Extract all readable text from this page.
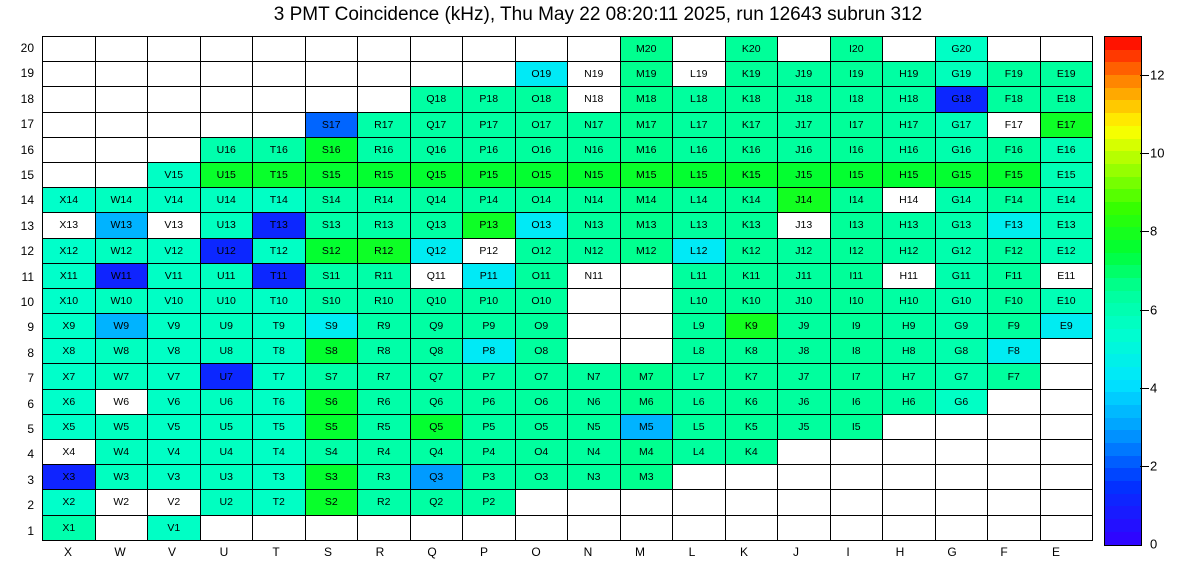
3 PMT Coincidence (kHz), Thu May 22 08:20:11 2025, run 12643 subrun 312
20
19
18
17
16
15
14
13
12
11
10
9
8
7
6
5
4
3
2
1
											M20		K20		I20		G20		
									O19	N19	M19	L19	K19	J19	I19	H19	G19	F19	E19
							Q18	P18	O18	N18	M18	L18	K18	J18	I18	H18	G18	F18	E18
					S17	R17	Q17	P17	O17	N17	M17	L17	K17	J17	I17	H17	G17	F17	E17
			U16	T16	S16	R16	Q16	P16	O16	N16	M16	L16	K16	J16	I16	H16	G16	F16	E16
		V15	U15	T15	S15	R15	Q15	P15	O15	N15	M15	L15	K15	J15	I15	H15	G15	F15	E15
X14	W14	V14	U14	T14	S14	R14	Q14	P14	O14	N14	M14	L14	K14	J14	I14	H14	G14	F14	E14
X13	W13	V13	U13	T13	S13	R13	Q13	P13	O13	N13	M13	L13	K13	J13	I13	H13	G13	F13	E13
X12	W12	V12	U12	T12	S12	R12	Q12	P12	O12	N12	M12	L12	K12	J12	I12	H12	G12	F12	E12
X11	W11	V11	U11	T11	S11	R11	Q11	P11	O11	N11		L11	K11	J11	I11	H11	G11	F11	E11
X10	W10	V10	U10	T10	S10	R10	Q10	P10	O10			L10	K10	J10	I10	H10	G10	F10	E10
X9	W9	V9	U9	T9	S9	R9	Q9	P9	O9			L9	K9	J9	I9	H9	G9	F9	E9
X8	W8	V8	U8	T8	S8	R8	Q8	P8	O8			L8	K8	J8	I8	H8	G8	F8	
X7	W7	V7	U7	T7	S7	R7	Q7	P7	O7	N7	M7	L7	K7	J7	I7	H7	G7	F7	
X6	W6	V6	U6	T6	S6	R6	Q6	P6	O6	N6	M6	L6	K6	J6	I6	H6	G6		
X5	W5	V5	U5	T5	S5	R5	Q5	P5	O5	N5	M5	L5	K5	J5	I5				
X4	W4	V4	U4	T4	S4	R4	Q4	P4	O4	N4	M4	L4	K4						
X3	W3	V3	U3	T3	S3	R3	Q3	P3	O3	N3	M3								
X2	W2	V2	U2	T2	S2	R2	Q2	P2											
X1		V1																	
X	W	V	U	T	S	R	Q	P	O	N	M	L	K	J	I	H	G	F	E
0
2
4
6
8
10
12
